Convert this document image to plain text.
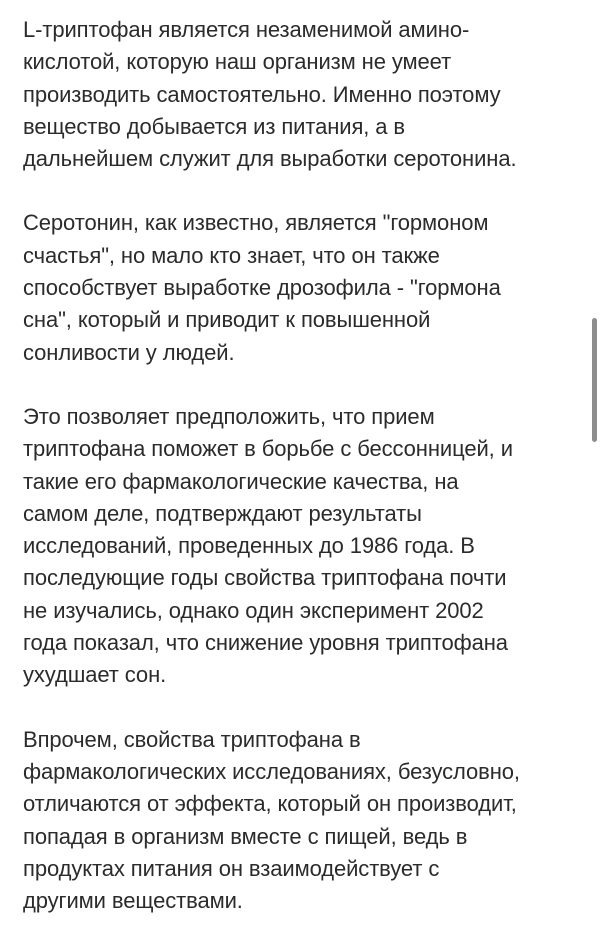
L-триптофан является незаменимой амино-
кислотой, которую наш организм не умеет
производить самостоятельно. Именно поэтому
вещество добывается из питания, а в
дальнейшем служит для выработки серотонина.

Серотонин, как известно, является "гормоном
счастья", но мало кто знает, что он также
способствует выработке дрозофила - "гормона
сна", который и приводит к повышенной
сонливости у людей.

Это позволяет предположить, что прием
триптофана поможет в борьбе с бессонницей, и
такие его фармакологические качества, на
самом деле, подтверждают результаты
исследований, проведенных до 1986 года. В
последующие годы свойства триптофана почти
не изучались, однако один эксперимент 2002
года показал, что снижение уровня триптофана
ухудшает сон.

Впрочем, свойства триптофана в
фармакологических исследованиях, безусловно,
отличаются от эффекта, который он производит,
попадая в организм вместе с пищей, ведь в
продуктах питания он взаимодействует с
другими веществами.
